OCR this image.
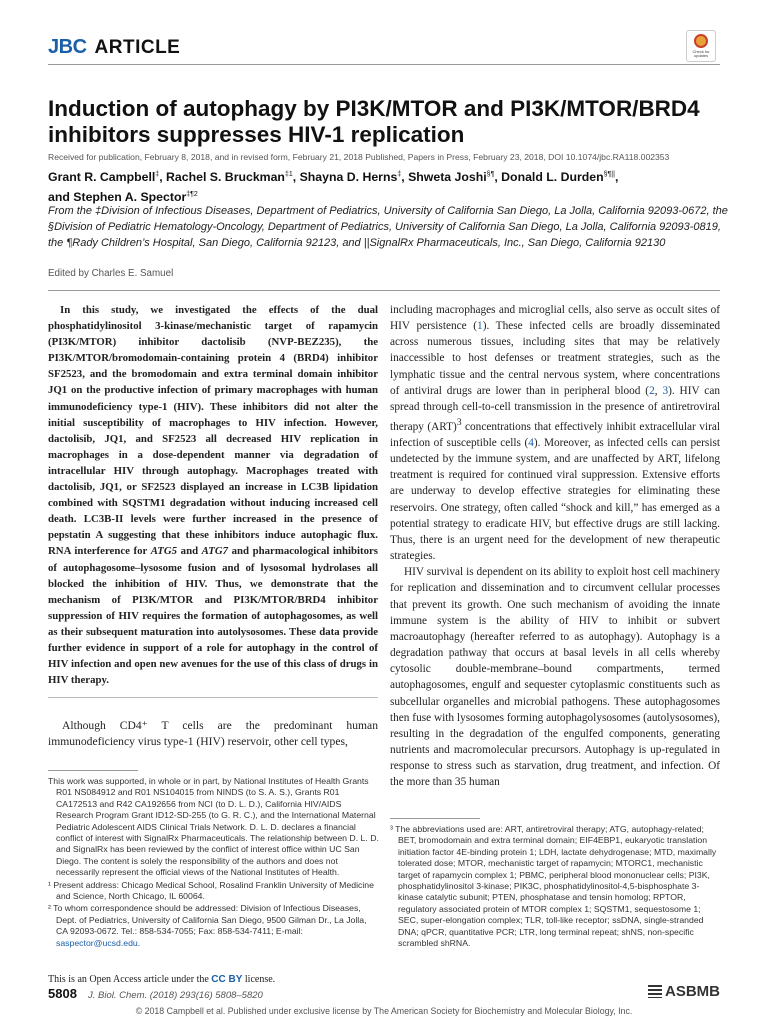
JBC ARTICLE	Check for updates
Induction of autophagy by PI3K/MTOR and PI3K/MTOR/BRD4 inhibitors suppresses HIV-1 replication
Received for publication, February 8, 2018, and in revised form, February 21, 2018 Published, Papers in Press, February 23, 2018, DOI 10.1074/jbc.RA118.002353
Grant R. Campbell‡, Rachel S. Bruckman$^{\ddagger 1}$, Shayna D. Herns‡, Shweta Joshi§¶, Donald L. Durden§¶||,
and Stephen A. Spector$^{\ddagger\P 2}$
From the ‡Division of Infectious Diseases, Department of Pediatrics, University of California San Diego, La Jolla, California 92093-0672, the §Division of Pediatric Hematology-Oncology, Department of Pediatrics, University of California San Diego, La Jolla, California 92093-0819, the ¶Rady Children’s Hospital, San Diego, California 92123, and ||SignalRx Pharmaceuticals, Inc., San Diego, California 92130
Edited by Charles E. Samuel

In this study, we investigated the effects of the dual phosphatidylinositol 3-kinase/mechanistic target of rapamycin (PI3K/MTOR) inhibitor dactolisib (NVP-BEZ235), the PI3K/MTOR/bromodomain-containing protein 4 (BRD4) inhibitor SF2523, and the bromodomain and extra terminal domain inhibitor JQ1 on the productive infection of primary macrophages with human immunodeficiency type-1 (HIV). These inhibitors did not alter the initial susceptibility of macrophages to HIV infection. However, dactolisib, JQ1, and SF2523 all decreased HIV replication in macrophages in a dose-dependent manner via degradation of intracellular HIV through autophagy. Macrophages treated with dactolisib, JQ1, or SF2523 displayed an increase in LC3B lipidation combined with SQSTM1 degradation without inducing increased cell death. LC3B-II levels were further increased in the presence of pepstatin A suggesting that these inhibitors induce autophagic flux. RNA interference for ATG5 and ATG7 and pharmacological inhibitors of autophagosome–lysosome fusion and of lysosomal hydrolases all blocked the inhibition of HIV. Thus, we demonstrate that the mechanism of PI3K/MTOR and PI3K/MTOR/BRD4 inhibitor suppression of HIV requires the formation of autophagosomes, as well as their subsequent maturation into autolysosomes. These data provide further evidence in support of a role for autophagy in the control of HIV infection and open new avenues for the use of this class of drugs in HIV therapy.

Although CD4⁺ T cells are the predominant human immunodeficiency virus type-1 (HIV) reservoir, other cell types,

including macrophages and microglial cells, also serve as occult sites of HIV persistence (1). These infected cells are broadly disseminated across numerous tissues, including sites that may be relatively inaccessible to host defenses or treatment strategies, such as the lymphatic tissue and the central nervous system, where concentrations of antiviral drugs are lower than in peripheral blood (2, 3). HIV can spread through cell-to-cell transmission in the presence of antiretroviral therapy (ART)$^3$ concentrations that effectively inhibit extracellular viral infection of susceptible cells (4). Moreover, as infected cells can persist undetected by the immune system, and are unaffected by ART, lifelong treatment is required for continued viral suppression. Extensive efforts are underway to develop effective strategies for eliminating these reservoirs. One strategy, often called “shock and kill,” has emerged as a potential strategy to eradicate HIV, but effective drugs are still lacking. Thus, there is an urgent need for the development of new therapeutic strategies.

HIV survival is dependent on its ability to exploit host cell machinery for replication and dissemination and to circumvent cellular processes that prevent its growth. One such mechanism of avoiding the innate immune system is the ability of HIV to inhibit or subvert macroautophagy (hereafter referred to as autophagy). Autophagy is a degradation pathway that occurs at basal levels in all cells whereby cytosolic double-membrane–bound compartments, termed autophagosomes, engulf and sequester cytoplasmic constituents such as subcellular organelles and microbial pathogens. These autophagosomes then fuse with lysosomes forming autophagolysosomes (autolysosomes), resulting in the degradation of the engulfed components, generating nutrients and macromolecular precursors. Autophagy is up-regulated in response to stress such as starvation, drug treatment, and infection. Of the more than 35 human

This work was supported, in whole or in part, by National Institutes of Health Grants R01 NS084912 and R01 NS104015 from NINDS (to S. A. S.), Grants R01 CA172513 and R42 CA192656 from NCI (to D. L. D.), California HIV/AIDS Research Program Grant ID12-SD-255 (to G. R. C.), and the International Maternal Pediatric Adolescent AIDS Clinical Trials Network. D. L. D. declares a financial conflict of interest with SignalRx Pharmaceuticals. The relationship between D. L. D. and SignalRx has been reviewed by the conflict of interest office within UC San Diego. The content is solely the responsibility of the authors and does not necessarily represent the official views of the National Institutes of Health.

¹ Present address: Chicago Medical School, Rosalind Franklin University of Medicine and Science, North Chicago, IL 60064.

² To whom correspondence should be addressed: Division of Infectious Diseases, Dept. of Pediatrics, University of California San Diego, 9500 Gilman Dr., La Jolla, CA 92093-0672. Tel.: 858-534-7055; Fax: 858-534-7411; E-mail: saspector@ucsd.edu.

³ The abbreviations used are: ART, antiretroviral therapy; ATG, autophagy-related; BET, bromodomain and extra terminal domain; EIF4EBP1, eukaryotic translation initiation factor 4E-binding protein 1; LDH, lactate dehydrogenase; MTD, maximally tolerated dose; MTOR, mechanistic target of rapamycin; MTORC1, mechanistic target of rapamycin complex 1; PBMC, peripheral blood mononuclear cells; PI3K, phosphatidylinositol 3-kinase; PIK3C, phosphatidylinositol-4,5-bisphosphate 3-kinase catalytic subunit; PTEN, phosphatase and tensin homolog; RPTOR, regulatory associated protein of MTOR complex 1; SQSTM1, sequestosome 1; SEC, super-elongation complex; TLR, toll-like receptor; ssDNA, single-stranded DNA; qPCR, quantitative PCR; LTR, long terminal repeat; shNS, non-specific scrambled shRNA.

This is an Open Access article under the CC BY license.
5808 J. Biol. Chem. (2018) 293(16) 5808–5820	ASBMB
© 2018 Campbell et al. Published under exclusive license by The American Society for Biochemistry and Molecular Biology, Inc.
